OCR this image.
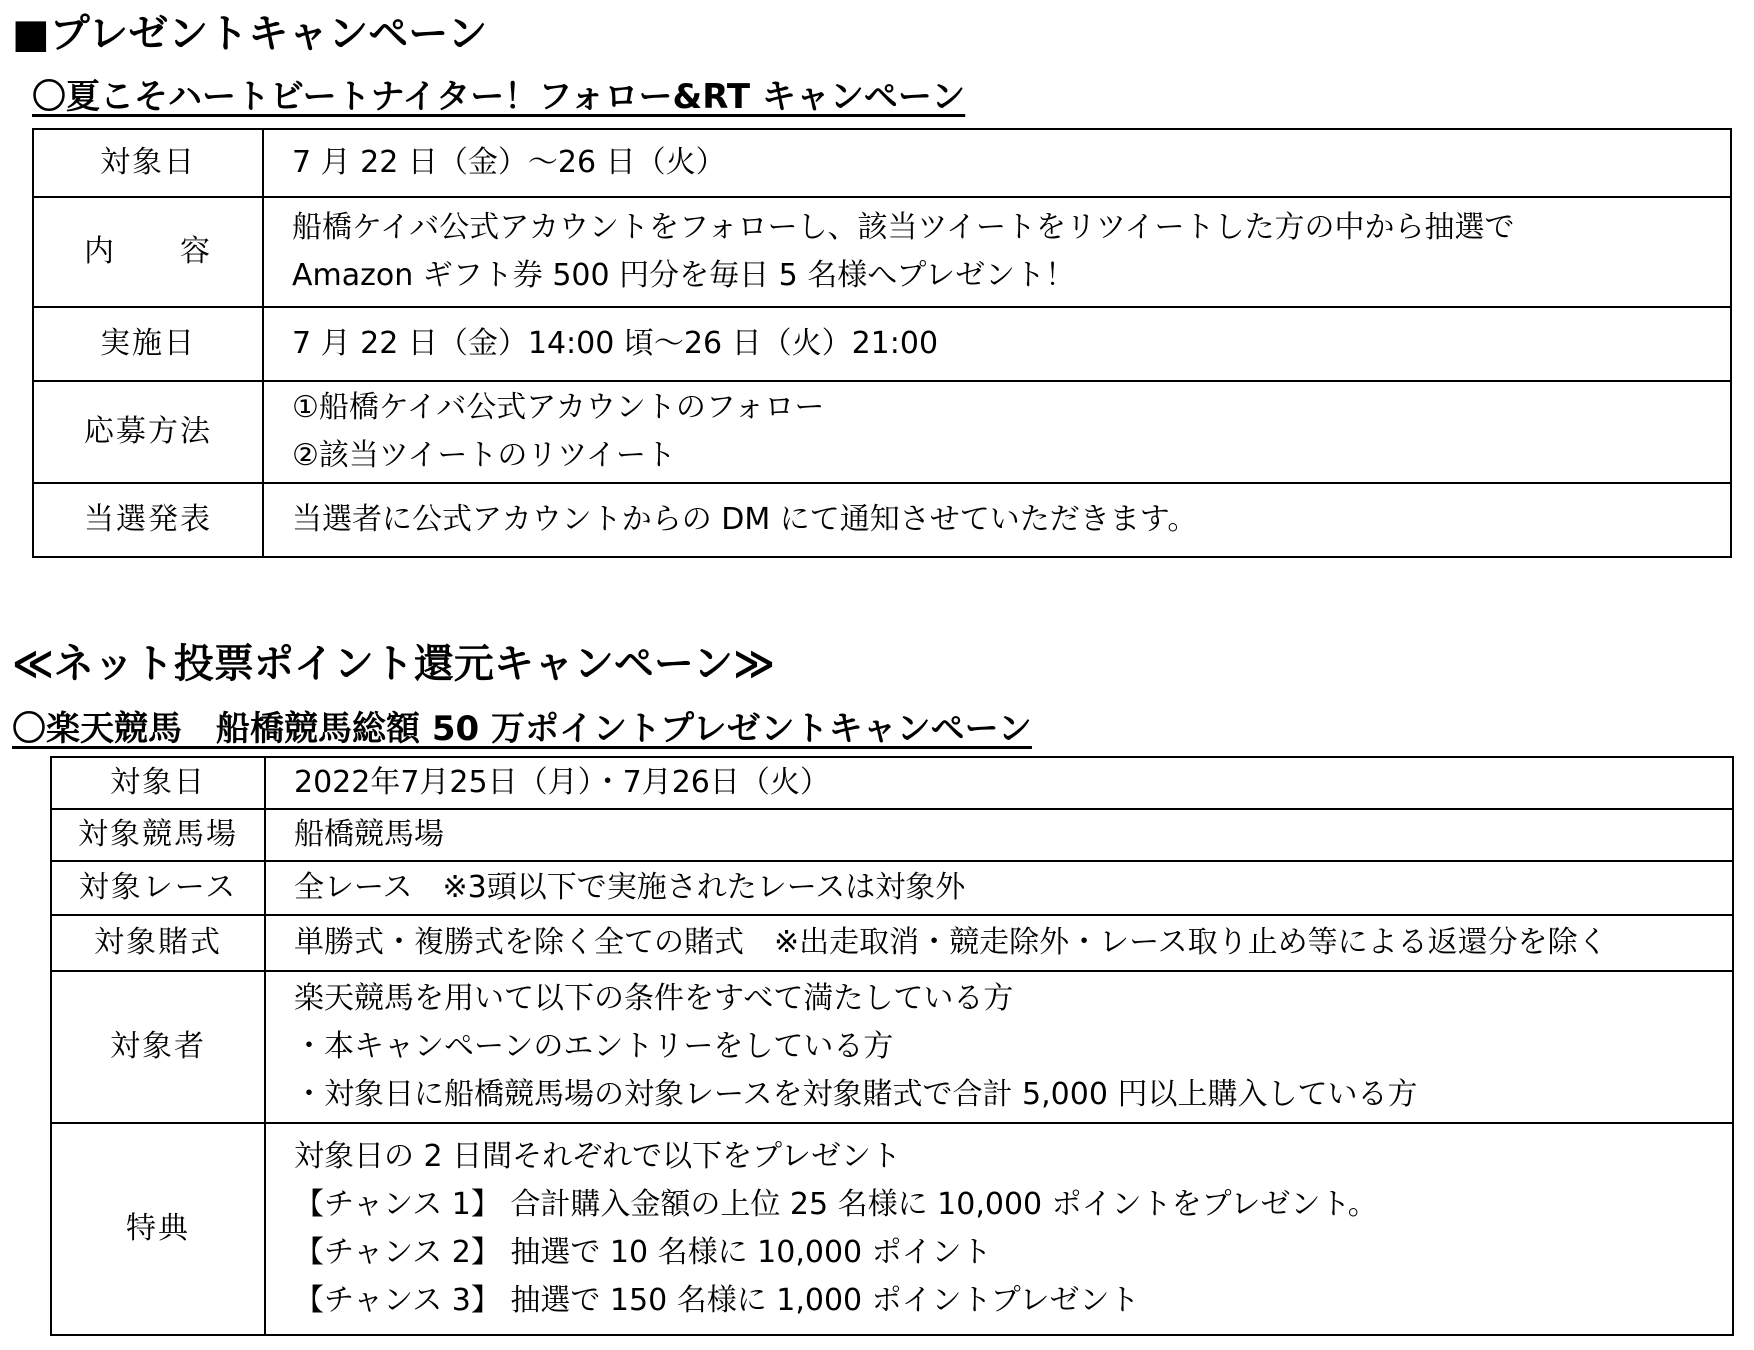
■プレゼントキャンペーン
〇夏こそハートビートナイター！フォロー&RT キャンペーン
対象日	7 月 22 日（金）～26 日（火）

内　　容	船橋ケイバ公式アカウントをフォローし、該当ツイートをリツイートした方の中から抽選で
Amazon ギフト券 500 円分を毎日 5 名様へプレゼント！

実施日	7 月 22 日（金）14:00 頃～26 日（火）21:00

応募方法	①船橋ケイバ公式アカウントのフォロー
②該当ツイートのリツイート

当選発表	当選者に公式アカウントからの DM にて通知させていただきます。
≪ネット投票ポイント還元キャンペーン≫
〇楽天競馬　船橋競馬総額 50 万ポイントプレゼントキャンペーン
対象日	2022年7月25日（月）・7月26日（火）

対象競馬場	船橋競馬場

対象レース	全レース　※3頭以下で実施されたレースは対象外

対象賭式	単勝式・複勝式を除く全ての賭式　※出走取消・競走除外・レース取り止め等による返還分を除く

対象者	楽天競馬を用いて以下の条件をすべて満たしている方
・本キャンペーンのエントリーをしている方
・対象日に船橋競馬場の対象レースを対象賭式で合計 5,000 円以上購入している方

特典	対象日の 2 日間それぞれで以下をプレゼント
【チャンス 1】 合計購入金額の上位 25 名様に 10,000 ポイントをプレゼント。
【チャンス 2】 抽選で 10 名様に 10,000 ポイント
【チャンス 3】 抽選で 150 名様に 1,000 ポイントプレゼント
